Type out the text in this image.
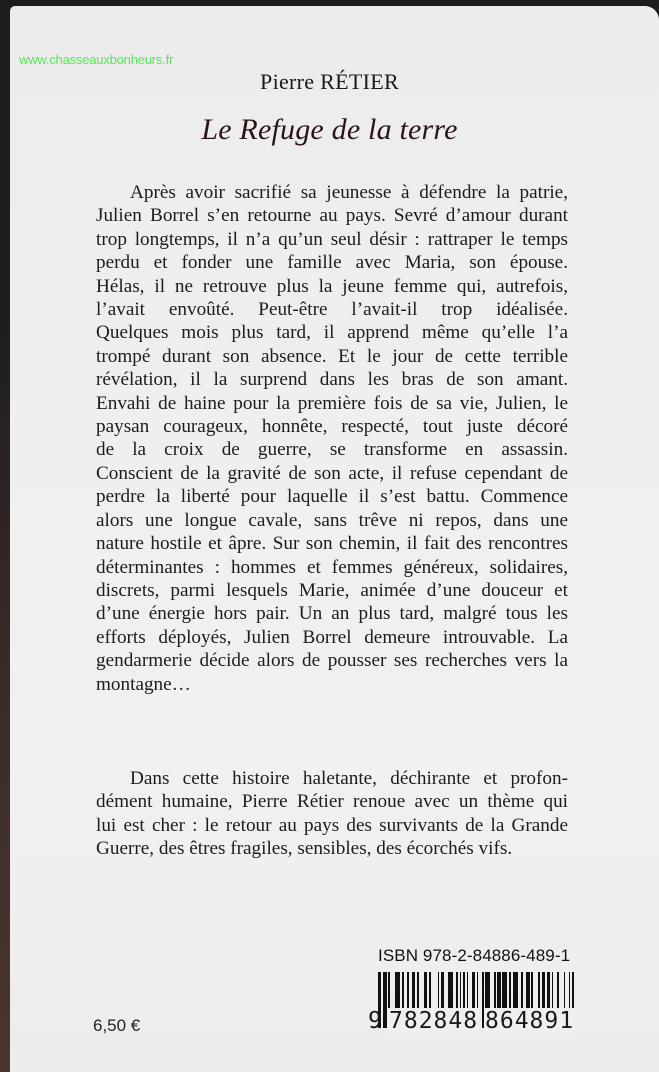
www.chasseauxbonheurs.fr
Pierre RÉTIER
Le Refuge de la terre
Après avoir sacrifié sa jeunesse à défendre la patrie,
Julien Borrel s’en retourne au pays. Sevré d’amour durant
trop longtemps, il n’a qu’un seul désir : rattraper le temps
perdu et fonder une famille avec Maria, son épouse.
Hélas, il ne retrouve plus la jeune femme qui, autrefois,
l’avait envoûté. Peut-être l’avait-il trop idéalisée.
Quelques mois plus tard, il apprend même qu’elle l’a
trompé durant son absence. Et le jour de cette terrible
révélation, il la surprend dans les bras de son amant.
Envahi de haine pour la première fois de sa vie, Julien, le
paysan courageux, honnête, respecté, tout juste décoré
de la croix de guerre, se transforme en assassin.
Conscient de la gravité de son acte, il refuse cependant de
perdre la liberté pour laquelle il s’est battu. Commence
alors une longue cavale, sans trêve ni repos, dans une
nature hostile et âpre. Sur son chemin, il fait des rencontres
déterminantes : hommes et femmes généreux, solidaires,
discrets, parmi lesquels Marie, animée d’une douceur et
d’une énergie hors pair. Un an plus tard, malgré tous les
efforts déployés, Julien Borrel demeure introuvable. La
gendarmerie décide alors de pousser ses recherches vers la
montagne…
Dans cette histoire haletante, déchirante et profon-
dément humaine, Pierre Rétier renoue avec un thème qui
lui est cher : le retour au pays des survivants de la Grande
Guerre, des êtres fragiles, sensibles, des écorchés vifs.
ISBN 978-2-84886-489-1
9 782848 864891
6,50 €
